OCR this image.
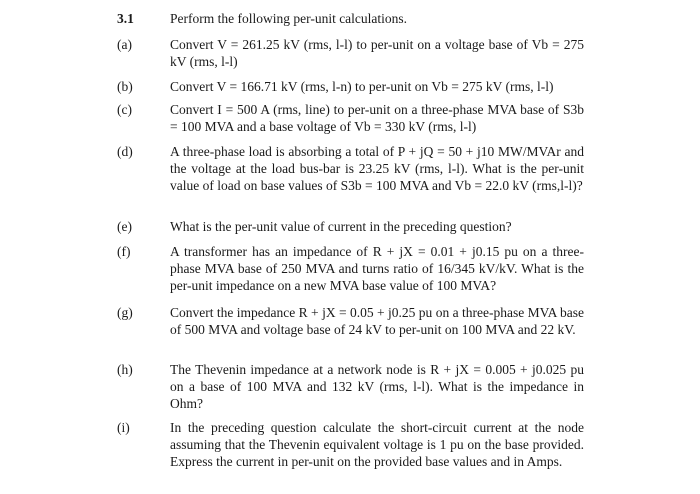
3.1	Perform the following per-unit calculations.
(a)	Convert V = 261.25 kV (rms, l-l) to per-unit on a voltage base of Vb = 275 kV (rms, l-l)
(b)	Convert V = 166.71 kV (rms, l-n) to per-unit on Vb = 275 kV (rms, l-l)
(c)	Convert I = 500 A (rms, line) to per-unit on a three-phase MVA base of S3b = 100 MVA and a base voltage of Vb = 330 kV (rms, l-l)
(d)	A three-phase load is absorbing a total of P + jQ = 50 + j10 MW/MVAr and the voltage at the load bus-bar is 23.25 kV (rms, l-l). What is the per-unit value of load on base values of S3b = 100 MVA and Vb = 22.0 kV (rms,l-l)?
(e)	What is the per-unit value of current in the preceding question?
(f)	A transformer has an impedance of R + jX = 0.01 + j0.15 pu on a three-phase MVA base of 250 MVA and turns ratio of 16/345 kV/kV. What is the per-unit impedance on a new MVA base value of 100 MVA?
(g)	Convert the impedance R + jX = 0.05 + j0.25 pu on a three-phase MVA base of 500 MVA and voltage base of 24 kV to per-unit on 100 MVA and 22 kV.
(h)	The Thevenin impedance at a network node is R + jX = 0.005 + j0.025 pu on a base of 100 MVA and 132 kV (rms, l-l). What is the impedance in Ohm?
(i)	In the preceding question calculate the short-circuit current at the node assuming that the Thevenin equivalent voltage is 1 pu on the base provided. Express the current in per-unit on the provided base values and in Amps.
